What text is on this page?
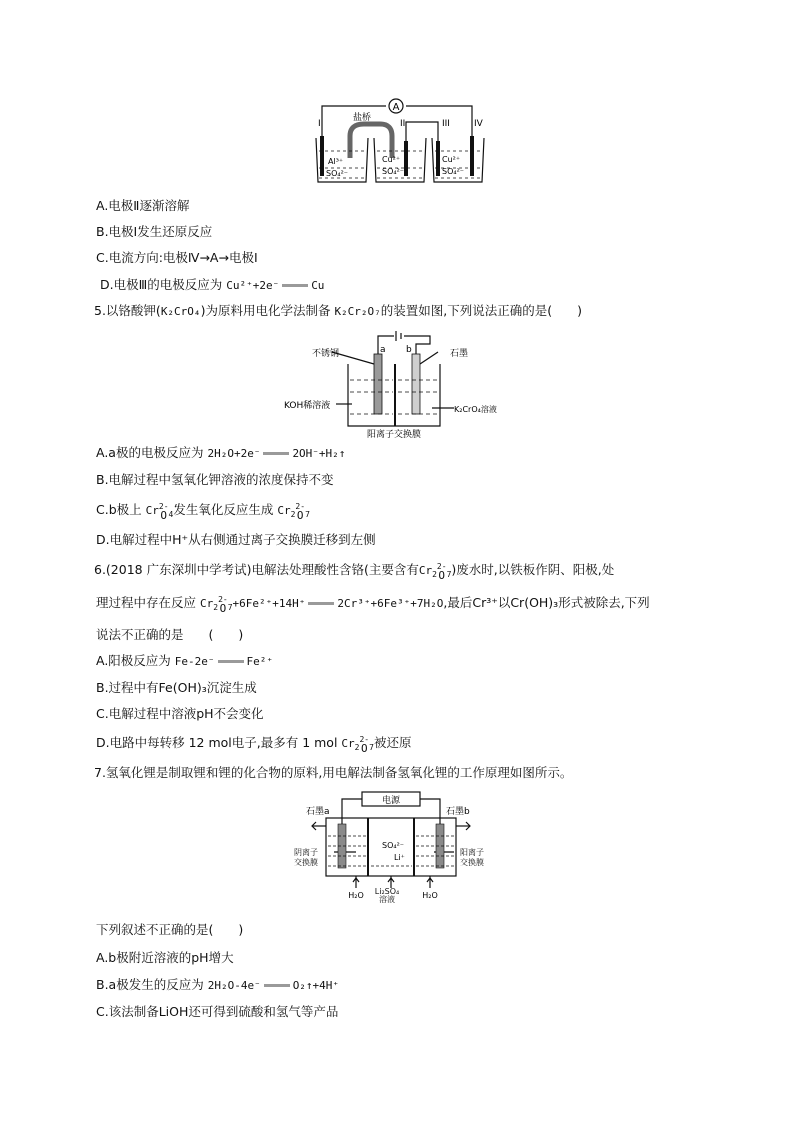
A
盐桥
I	II	III	IV
Al³⁺
SO₄²⁻
Cu²⁺
SO₄²⁻
Cu²⁺
SO₄²⁻
A.电极Ⅱ逐渐溶解
B.电极Ⅰ发生还原反应
C.电流方向:电极Ⅳ→A→电极Ⅰ
D.电极Ⅲ的电极反应为 Cu²⁺+2e⁻	Cu
5.以铬酸钾(K₂CrO₄)为原料用电化学法制备 K₂Cr₂O₇的装置如图,下列说法正确的是(　　)
a b
不锈钢	石墨
KOH稀溶液	K₂CrO₄溶液
阳离子交换膜
A.a极的电极反应为 2H₂O+2e⁻	2OH⁻+H₂↑
B.电解过程中氢氧化钾溶液的浓度保持不变
C.b极上 Cr 2-
O $_4$发生氧化反应生成 $Cr_2$
2-
O $_7$
D.电解过程中H⁺从右侧通过离子交换膜迁移到左侧
6.(2018 广东深圳中学考试)电解法处理酸性含铬(主要含有$Cr_2$
2-
O $_7$)废水时,以铁板作阴、阳极,处
理过程中存在反应 $Cr_2$
2-
O $_7$+6Fe²⁺+14H⁺	2Cr³⁺+6Fe³⁺+7H₂O,最后Cr³⁺以Cr(OH)₃形式被除去,下列
说法不正确的是　　(　　)
A.阳极反应为 Fe-2e⁻	Fe²⁺
B.过程中有Fe(OH)₃沉淀生成
C.电解过程中溶液pH不会变化
D.电路中每转移 12 mol电子,最多有 1 mol $Cr_2$
2-
O $_7$被还原
7.氢氧化锂是制取锂和锂的化合物的原料,用电解法制备氢氧化锂的工作原理如图所示。
电源
石墨a	石墨b
SO₄²⁻
Li⁺
阴离子交换膜
阳离子交换膜
H₂O Li₂SO₄溶液	H₂O
下列叙述不正确的是(　　)
A.b极附近溶液的pH增大
B.a极发生的反应为 2H₂O-4e⁻	O₂↑+4H⁺
C.该法制备LiOH还可得到硫酸和氢气等产品
